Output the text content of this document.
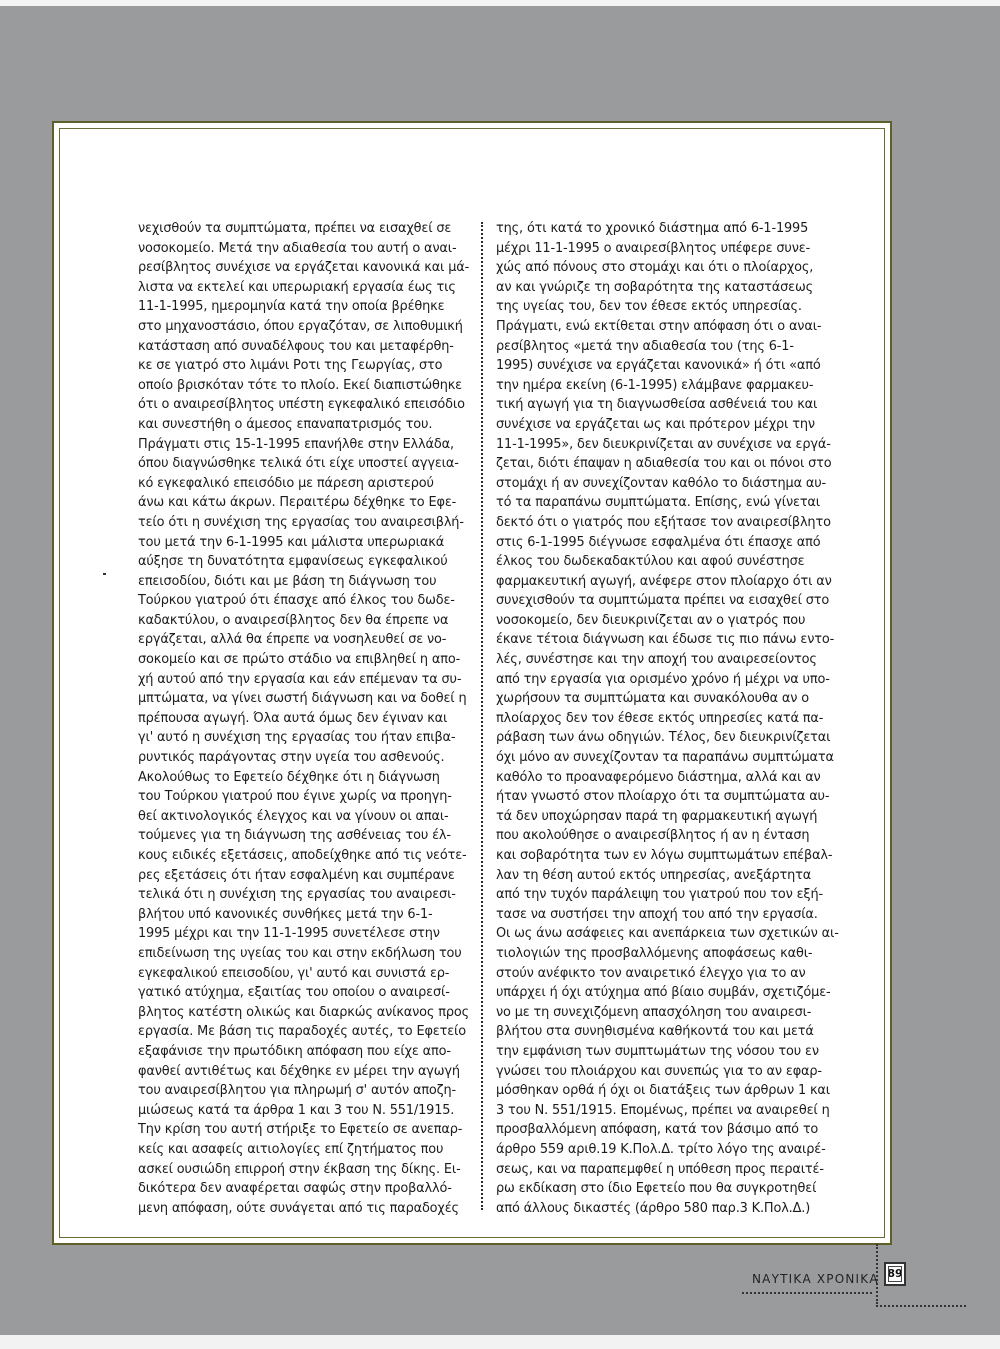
νεχισθούν τα συμπτώματα, πρέπει να εισαχθεί σε
νοσοκομείο. Μετά την αδιαθεσία του αυτή ο αναι-
ρεσίβλητος συνέχισε να εργάζεται κανονικά και μά-
λιστα να εκτελεί και υπερωριακή εργασία έως τις
11-1-1995, ημερομηνία κατά την οποία βρέθηκε
στο μηχανοστάσιο, όπου εργαζόταν, σε λιποθυμική
κατάσταση από συναδέλφους του και μεταφέρθη-
κε σε γιατρό στο λιμάνι Ροτι της Γεωργίας, στο
οποίο βρισκόταν τότε το πλοίο. Εκεί διαπιστώθηκε
ότι ο αναιρεσίβλητος υπέστη εγκεφαλικό επεισόδιο
και συνεστήθη ο άμεσος επαναπατρισμός του.
Πράγματι στις 15-1-1995 επανήλθε στην Ελλάδα,
όπου διαγνώσθηκε τελικά ότι είχε υποστεί αγγεια-
κό εγκεφαλικό επεισόδιο με πάρεση αριστερού
άνω και κάτω άκρων. Περαιτέρω δέχθηκε το Εφε-
τείο ότι η συνέχιση της εργασίας του αναιρεσιβλή-
του μετά την 6-1-1995 και μάλιστα υπερωριακά
αύξησε τη δυνατότητα εμφανίσεως εγκεφαλικού
επεισοδίου, διότι και με βάση τη διάγνωση του
Τούρκου γιατρού ότι έπασχε από έλκος του δωδε-
καδακτύλου, ο αναιρεσίβλητος δεν θα έπρεπε να
εργάζεται, αλλά θα έπρεπε να νοσηλευθεί σε νο-
σοκομείο και σε πρώτο στάδιο να επιβληθεί η απο-
χή αυτού από την εργασία και εάν επέμεναν τα συ-
μπτώματα, να γίνει σωστή διάγνωση και να δοθεί η
πρέπουσα αγωγή. Όλα αυτά όμως δεν έγιναν και
γι' αυτό η συνέχιση της εργασίας του ήταν επιβα-
ρυντικός παράγοντας στην υγεία του ασθενούς.
Ακολούθως το Εφετείο δέχθηκε ότι η διάγνωση
του Τούρκου γιατρού που έγινε χωρίς να προηγη-
θεί ακτινολογικός έλεγχος και να γίνουν οι απαι-
τούμενες για τη διάγνωση της ασθένειας του έλ-
κους ειδικές εξετάσεις, αποδείχθηκε από τις νεότε-
ρες εξετάσεις ότι ήταν εσφαλμένη και συμπέρανε
τελικά ότι η συνέχιση της εργασίας του αναιρεσι-
βλήτου υπό κανονικές συνθήκες μετά την 6-1-
1995 μέχρι και την 11-1-1995 συνετέλεσε στην
επιδείνωση της υγείας του και στην εκδήλωση του
εγκεφαλικού επεισοδίου, γι' αυτό και συνιστά ερ-
γατικό ατύχημα, εξαιτίας του οποίου ο αναιρεσί-
βλητος κατέστη ολικώς και διαρκώς ανίκανος προς
εργασία. Με βάση τις παραδοχές αυτές, το Εφετείο
εξαφάνισε την πρωτόδικη απόφαση που είχε απο-
φανθεί αντιθέτως και δέχθηκε εν μέρει την αγωγή
του αναιρεσίβλητου για πληρωμή σ' αυτόν αποζη-
μιώσεως κατά τα άρθρα 1 και 3 του Ν. 551/1915.
Την κρίση του αυτή στήριξε το Εφετείο σε ανεπαρ-
κείς και ασαφείς αιτιολογίες επί ζητήματος που
ασκεί ουσιώδη επιρροή στην έκβαση της δίκης. Ει-
δικότερα δεν αναφέρεται σαφώς στην προβαλλό-
μενη απόφαση, ούτε συνάγεται από τις παραδοχές
της, ότι κατά το χρονικό διάστημα από 6-1-1995
μέχρι 11-1-1995 ο αναιρεσίβλητος υπέφερε συνε-
χώς από πόνους στο στομάχι και ότι ο πλοίαρχος,
αν και γνώριζε τη σοβαρότητα της καταστάσεως
της υγείας του, δεν τον έθεσε εκτός υπηρεσίας.
Πράγματι, ενώ εκτίθεται στην απόφαση ότι ο αναι-
ρεσίβλητος «μετά την αδιαθεσία του (της 6-1-
1995) συνέχισε να εργάζεται κανονικά» ή ότι «από
την ημέρα εκείνη (6-1-1995) ελάμβανε φαρμακευ-
τική αγωγή για τη διαγνωσθείσα ασθένειά του και
συνέχισε να εργάζεται ως και πρότερον μέχρι την
11-1-1995», δεν διευκρινίζεται αν συνέχισε να εργά-
ζεται, διότι έπαψαν η αδιαθεσία του και οι πόνοι στο
στομάχι ή αν συνεχίζονταν καθόλο το διάστημα αυ-
τό τα παραπάνω συμπτώματα. Επίσης, ενώ γίνεται
δεκτό ότι ο γιατρός που εξήτασε τον αναιρεσίβλητο
στις 6-1-1995 διέγνωσε εσφαλμένα ότι έπασχε από
έλκος του δωδεκαδακτύλου και αφού συνέστησε
φαρμακευτική αγωγή, ανέφερε στον πλοίαρχο ότι αν
συνεχισθούν τα συμπτώματα πρέπει να εισαχθεί στο
νοσοκομείο, δεν διευκρινίζεται αν ο γιατρός που
έκανε τέτοια διάγνωση και έδωσε τις πιο πάνω εντο-
λές, συνέστησε και την αποχή του αναιρεσείοντος
από την εργασία για ορισμένο χρόνο ή μέχρι να υπο-
χωρήσουν τα συμπτώματα και συνακόλουθα αν ο
πλοίαρχος δεν τον έθεσε εκτός υπηρεσίες κατά πα-
ράβαση των άνω οδηγιών. Τέλος, δεν διευκρινίζεται
όχι μόνο αν συνεχίζονταν τα παραπάνω συμπτώματα
καθόλο το προαναφερόμενο διάστημα, αλλά και αν
ήταν γνωστό στον πλοίαρχο ότι τα συμπτώματα αυ-
τά δεν υποχώρησαν παρά τη φαρμακευτική αγωγή
που ακολούθησε ο αναιρεσίβλητος ή αν η ένταση
και σοβαρότητα των εν λόγω συμπτωμάτων επέβαλ-
λαν τη θέση αυτού εκτός υπηρεσίας, ανεξάρτητα
από την τυχόν παράλειψη του γιατρού που τον εξή-
τασε να συστήσει την αποχή του από την εργασία.
Οι ως άνω ασάφειες και ανεπάρκεια των σχετικών αι-
τιολογιών της προσβαλλόμενης αποφάσεως καθι-
στούν ανέφικτο τον αναιρετικό έλεγχο για το αν
υπάρχει ή όχι ατύχημα από βίαιο συμβάν, σχετιζόμε-
νο με τη συνεχιζόμενη απασχόληση του αναιρεσι-
βλήτου στα συνηθισμένα καθήκοντά του και μετά
την εμφάνιση των συμπτωμάτων της νόσου του εν
γνώσει του πλοιάρχου και συνεπώς για το αν εφαρ-
μόσθηκαν ορθά ή όχι οι διατάξεις των άρθρων 1 και
3 του Ν. 551/1915. Επομένως, πρέπει να αναιρεθεί η
προσβαλλόμενη απόφαση, κατά τον βάσιμο από το
άρθρο 559 αριθ.19 Κ.Πολ.Δ. τρίτο λόγο της αναιρέ-
σεως, και να παραπεμφθεί η υπόθεση προς περαιτέ-
ρω εκδίκαση στο ίδιο Εφετείο που θα συγκροτηθεί
από άλλους δικαστές (άρθρο 580 παρ.3 Κ.Πολ.Δ.)
ΝΑΥΤΙΚΑ ΧΡΟΝΙΚΑ 89
